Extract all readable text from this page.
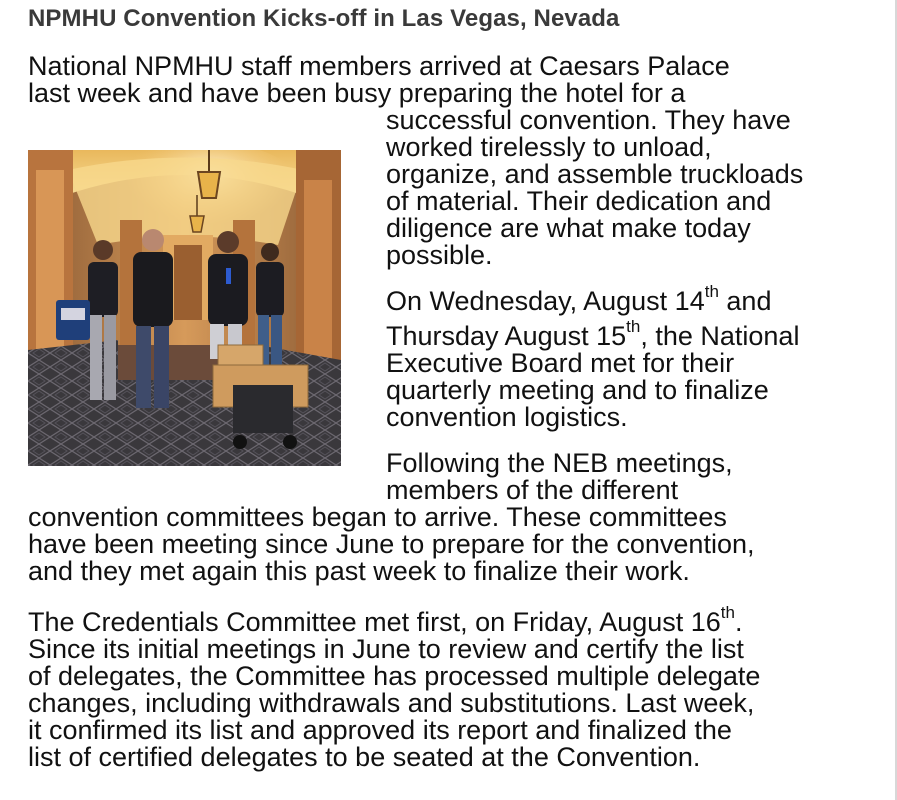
NPMHU Convention Kicks-off in Las Vegas, Nevada
National NPMHU staff members arrived at Caesars Palace
last week and have been busy preparing the hotel for a
successful convention. They have
worked tirelessly to unload,
organize, and assemble truckloads
of material. Their dedication and
diligence are what make today
possible.
On Wednesday, August 14th and
Thursday August 15th, the National
Executive Board met for their
quarterly meeting and to finalize
convention logistics.
Following the NEB meetings,
members of the different
convention committees began to arrive. These committees
have been meeting since June to prepare for the convention,
and they met again this past week to finalize their work.
The Credentials Committee met first, on Friday, August 16th.
Since its initial meetings in June to review and certify the list
of delegates, the Committee has processed multiple delegate
changes, including withdrawals and substitutions. Last week,
it confirmed its list and approved its report and finalized the
list of certified delegates to be seated at the Convention.
